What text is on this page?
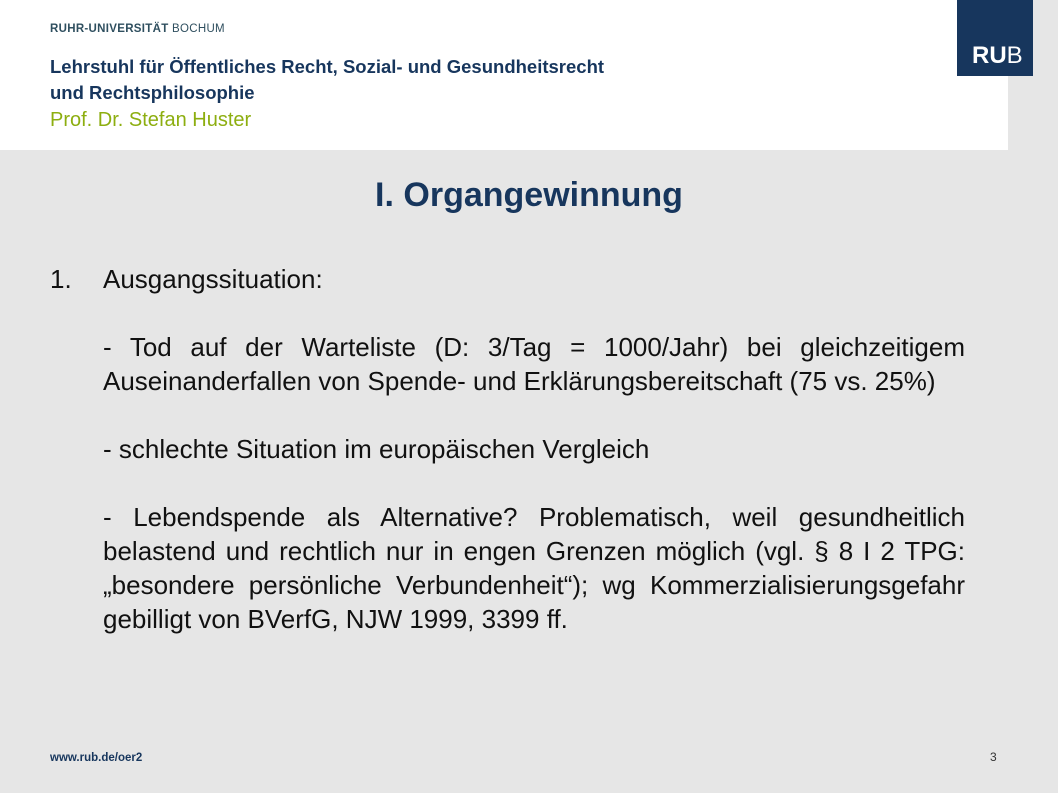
RUHR-UNIVERSITÄT BOCHUM
Lehrstuhl für Öffentliches Recht, Sozial- und Gesundheitsrecht
und Rechtsphilosophie
Prof. Dr. Stefan Huster
RUB
I. Organgewinnung
1. Ausgangssituation:

- Tod auf der Warteliste (D: 3/Tag = 1000/Jahr) bei gleichzeitigem Auseinanderfallen von Spende- und Erklärungsbereitschaft (75 vs. 25%)

- schlechte Situation im europäischen Vergleich

- Lebendspende als Alternative? Problematisch, weil gesundheitlich belastend und rechtlich nur in engen Grenzen möglich (vgl. § 8 I 2 TPG: „besondere persönliche Verbundenheit“); wg Kommerzialisierungsgefahr gebilligt von BVerfG, NJW 1999, 3399 ff.

www.rub.de/oer2	3
